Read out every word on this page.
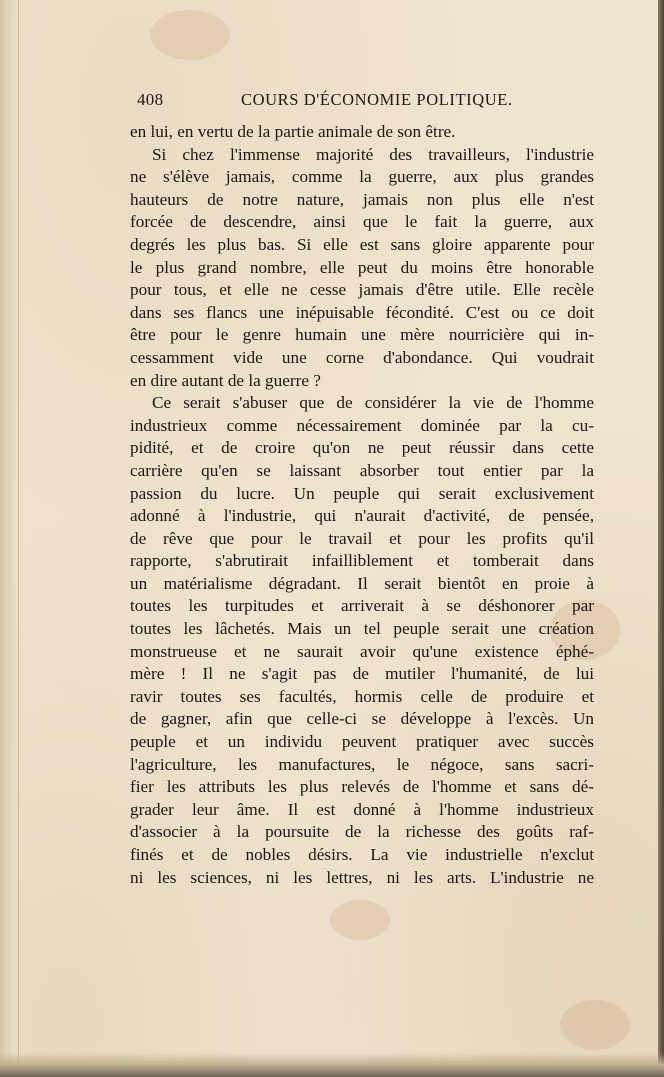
408	COURS D'ÉCONOMIE POLITIQUE.
en lui, en vertu de la partie animale de son être.
Si chez l'immense majorité des travailleurs, l'industrie
ne s'élève jamais, comme la guerre, aux plus grandes
hauteurs de notre nature, jamais non plus elle n'est
forcée de descendre, ainsi que le fait la guerre, aux
degrés les plus bas. Si elle est sans gloire apparente pour
le plus grand nombre, elle peut du moins être honorable
pour tous, et elle ne cesse jamais d'être utile. Elle recèle
dans ses flancs une inépuisable fécondité. C'est ou ce doit
être pour le genre humain une mère nourricière qui in-
cessamment vide une corne d'abondance. Qui voudrait
en dire autant de la guerre ?
Ce serait s'abuser que de considérer la vie de l'homme
industrieux comme nécessairement dominée par la cu-
pidité, et de croire qu'on ne peut réussir dans cette
carrière qu'en se laissant absorber tout entier par la
passion du lucre. Un peuple qui serait exclusivement
adonné à l'industrie, qui n'aurait d'activité, de pensée,
de rêve que pour le travail et pour les profits qu'il
rapporte, s'abrutirait infailliblement et tomberait dans
un matérialisme dégradant. Il serait bientôt en proie à
toutes les turpitudes et arriverait à se déshonorer par
toutes les lâchetés. Mais un tel peuple serait une création
monstrueuse et ne saurait avoir qu'une existence éphé-
mère ! Il ne s'agit pas de mutiler l'humanité, de lui
ravir toutes ses facultés, hormis celle de produire et
de gagner, afin que celle-ci se développe à l'excès. Un
peuple et un individu peuvent pratiquer avec succès
l'agriculture, les manufactures, le négoce, sans sacri-
fier les attributs les plus relevés de l'homme et sans dé-
grader leur âme. Il est donné à l'homme industrieux
d'associer à la poursuite de la richesse des goûts raf-
finés et de nobles désirs. La vie industrielle n'exclut
ni les sciences, ni les lettres, ni les arts. L'industrie ne
